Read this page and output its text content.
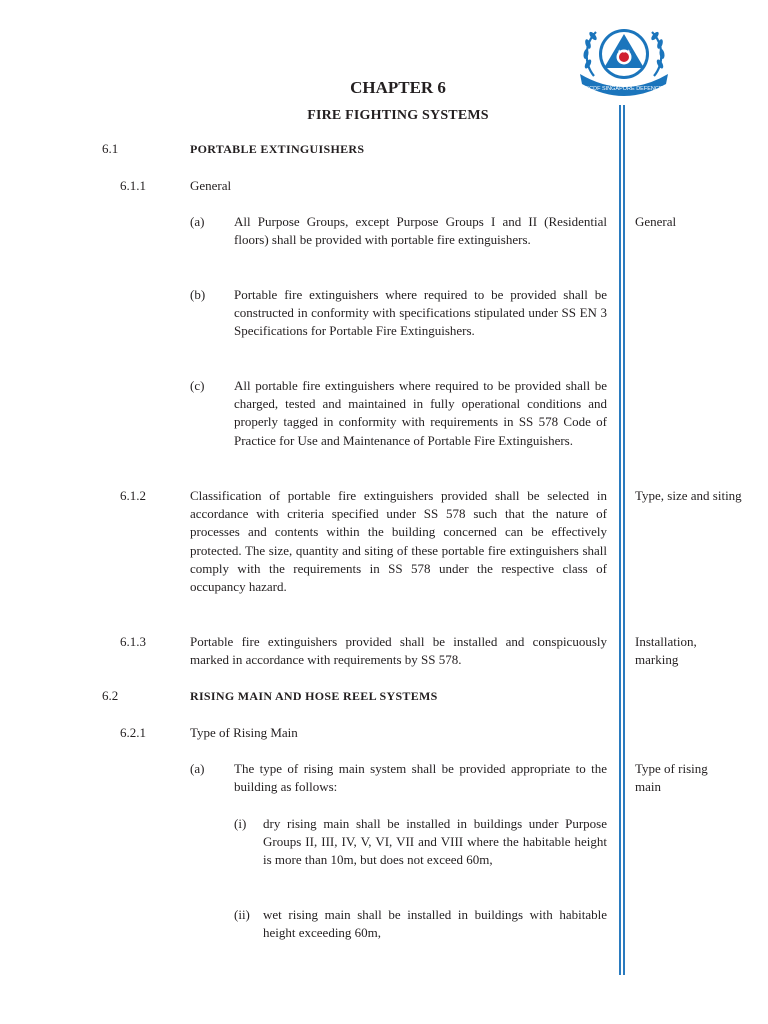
★★★
SCDF SINGAPORE DEFENCE
CHAPTER 6
FIRE FIGHTING SYSTEMS
6.1	PORTABLE EXTINGUISHERS
6.1.1	General
(a) All Purpose Groups, except Purpose Groups I and II (Residential floors) shall be provided with portable fire extinguishers.
General
(b) Portable fire extinguishers where required to be provided shall be constructed in conformity with specifications stipulated under SS EN 3 Specifications for Portable Fire Extinguishers.
(c) All portable fire extinguishers where required to be provided shall be charged, tested and maintained in fully operational conditions and properly tagged in conformity with requirements in SS 578 Code of Practice for Use and Maintenance of Portable Fire Extinguishers.
6.1.2	Classification of portable fire extinguishers provided shall be selected in accordance with criteria specified under SS 578 such that the nature of processes and contents within the building concerned can be effectively protected. The size, quantity and siting of these portable fire extinguishers shall comply with the requirements in SS 578 under the respective class of occupancy hazard.
Type, size and siting
6.1.3	Portable fire extinguishers provided shall be installed and conspicuously marked in accordance with requirements by SS 578.
Installation, marking
6.2	RISING MAIN AND HOSE REEL SYSTEMS
6.2.1	Type of Rising Main
(a) The type of rising main system shall be provided appropriate to the building as follows:
Type of rising main
(i) dry rising main shall be installed in buildings under Purpose Groups II, III, IV, V, VI, VII and VIII where the habitable height is more than 10m, but does not exceed 60m,
(ii) wet rising main shall be installed in buildings with habitable height exceeding 60m,
